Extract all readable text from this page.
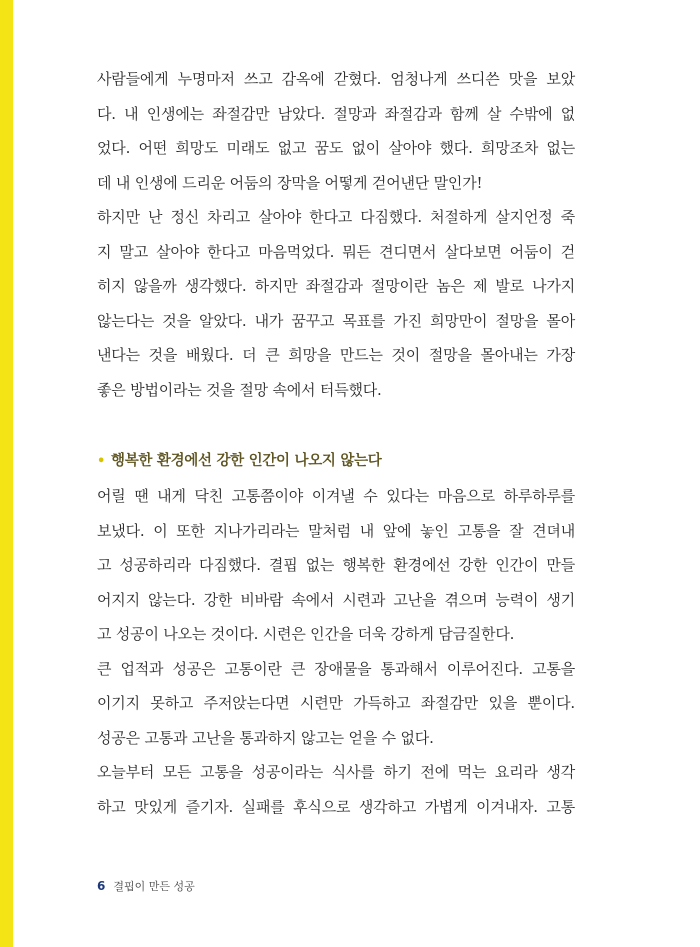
사람들에게 누명마저 쓰고 감옥에 갇혔다. 엄청나게 쓰디쓴 맛을 보았
다. 내 인생에는 좌절감만 남았다. 절망과 좌절감과 함께 살 수밖에 없
었다. 어떤 희망도 미래도 없고 꿈도 없이 살아야 했다. 희망조차 없는
데 내 인생에 드리운 어둠의 장막을 어떻게 걷어낸단 말인가!
하지만 난 정신 차리고 살아야 한다고 다짐했다. 처절하게 살지언정 죽
지 말고 살아야 한다고 마음먹었다. 뭐든 견디면서 살다보면 어둠이 걷
히지 않을까 생각했다. 하지만 좌절감과 절망이란 놈은 제 발로 나가지
않는다는 것을 알았다. 내가 꿈꾸고 목표를 가진 희망만이 절망을 몰아
낸다는 것을 배웠다. 더 큰 희망을 만드는 것이 절망을 몰아내는 가장
좋은 방법이라는 것을 절망 속에서 터득했다.
• 행복한 환경에선 강한 인간이 나오지 않는다
어릴 땐 내게 닥친 고통쯤이야 이겨낼 수 있다는 마음으로 하루하루를
보냈다. 이 또한 지나가리라는 말처럼 내 앞에 놓인 고통을 잘 견뎌내
고 성공하리라 다짐했다. 결핍 없는 행복한 환경에선 강한 인간이 만들
어지지 않는다. 강한 비바람 속에서 시련과 고난을 겪으며 능력이 생기
고 성공이 나오는 것이다. 시련은 인간을 더욱 강하게 담금질한다.
큰 업적과 성공은 고통이란 큰 장애물을 통과해서 이루어진다. 고통을
이기지 못하고 주저앉는다면 시련만 가득하고 좌절감만 있을 뿐이다.
성공은 고통과 고난을 통과하지 않고는 얻을 수 없다.
오늘부터 모든 고통을 성공이라는 식사를 하기 전에 먹는 요리라 생각
하고 맛있게 즐기자. 실패를 후식으로 생각하고 가볍게 이겨내자. 고통
6 결핍이 만든 성공
